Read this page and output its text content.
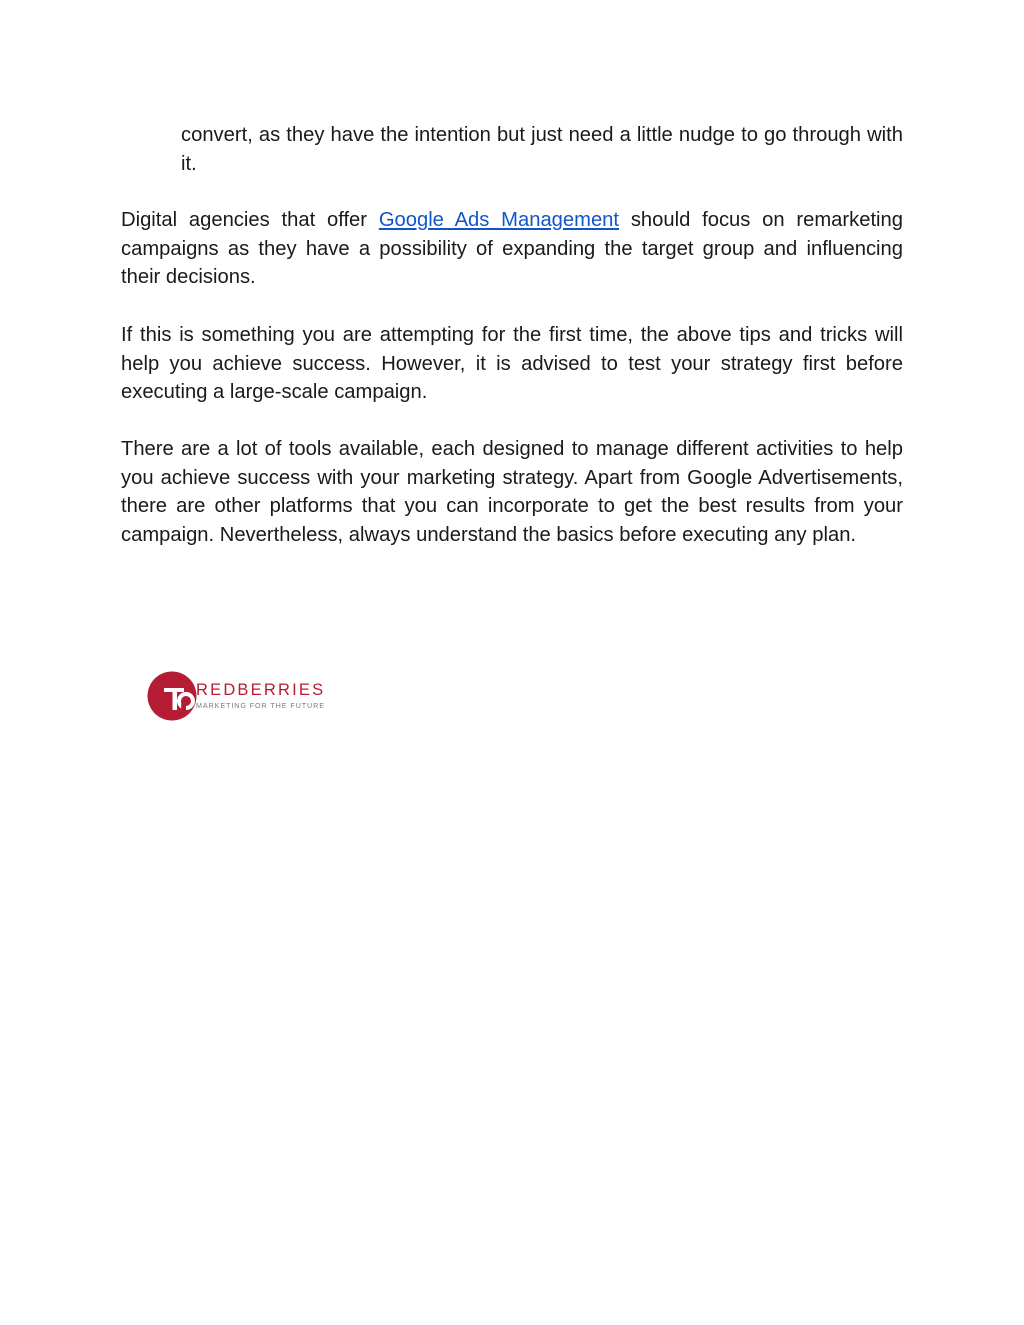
convert, as they have the intention but just need a little nudge to go through with it.

Digital agencies that offer Google Ads Management should focus on remarketing campaigns as they have a possibility of expanding the target group and influencing their decisions.

If this is something you are attempting for the first time, the above tips and tricks will help you achieve success. However, it is advised to test your strategy first before executing a large-scale campaign.

There are a lot of tools available, each designed to manage different activities to help you achieve success with your marketing strategy. Apart from Google Advertisements, there are other platforms that you can incorporate to get the best results from your campaign. Nevertheless, always understand the basics before executing any plan.

REDBERRIES
MARKETING FOR THE FUTURE
